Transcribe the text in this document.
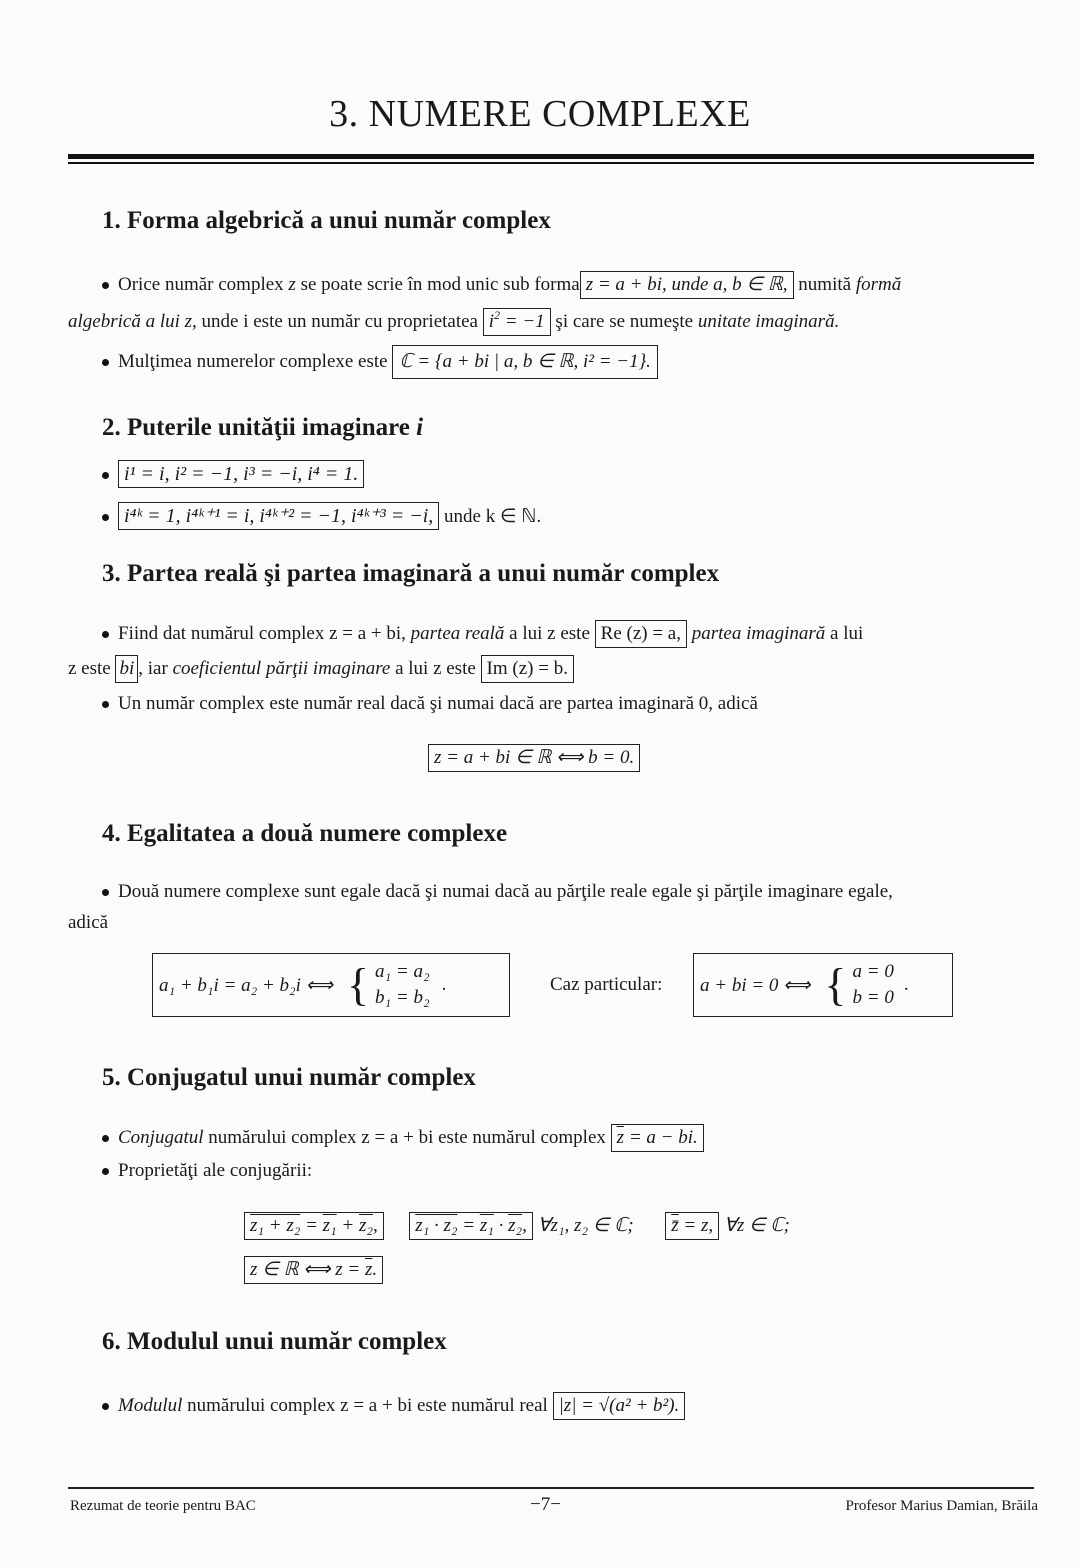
3. NUMERE COMPLEXE
1. Forma algebrică a unui număr complex
Orice număr complex z se poate scrie în mod unic sub forma z = a + bi, unde a, b ∈ ℝ, numită formă
algebrică a lui z, unde i este un număr cu proprietatea $i^2 = -1$ şi care se numeşte unitate imaginară.
Mulţimea numerelor complexe este ℂ = {a + bi | a, b ∈ ℝ, i² = −1}.
2. Puterile unităţii imaginare i
i¹ = i, i² = −1, i³ = −i, i⁴ = 1.
i⁴ᵏ = 1, i⁴ᵏ⁺¹ = i, i⁴ᵏ⁺² = −1, i⁴ᵏ⁺³ = −i, unde k ∈ ℕ.
3. Partea reală şi partea imaginară a unui număr complex
Fiind dat numărul complex z = a + bi, partea reală a lui z este Re (z) = a, partea imaginară a lui
z este bi , iar coeficientul părţii imaginare a lui z este Im (z) = b.
Un număr complex este număr real dacă şi numai dacă are partea imaginară 0, adică
z = a + bi ∈ ℝ ⟺ b = 0.
4. Egalitatea a două numere complexe
Două numere complexe sunt egale dacă şi numai dacă au părţile reale egale şi părţile imaginare egale,
adică
a₁ + b₁i = a₂ + b₂i ⟺ { a₁ = a₂
b₁ = b₂
.	Caz particular: a + bi = 0 ⟺ { a = 0
b = 0
.
5. Conjugatul unui număr complex
Conjugatul numărului complex z = a + bi este numărul complex $\overline{z} = a$ − bi.
Proprietăţi ale conjugării:
z₁ + z₂ = z₁ + z₂, z₁ · z₂ = z₁ · z₂, ∀z₁, z₂ ∈ ℂ; z̄ = z, ∀z ∈ ℂ;
z ∈ ℝ ⟺ $z = \overline{z}$.
6. Modulul unui număr complex
Modulul numărului complex z = a + bi este numărul real |z| = √(a² + b²).
Rezumat de teorie pentru BAC	−7−	Profesor Marius Damian, Brăila
